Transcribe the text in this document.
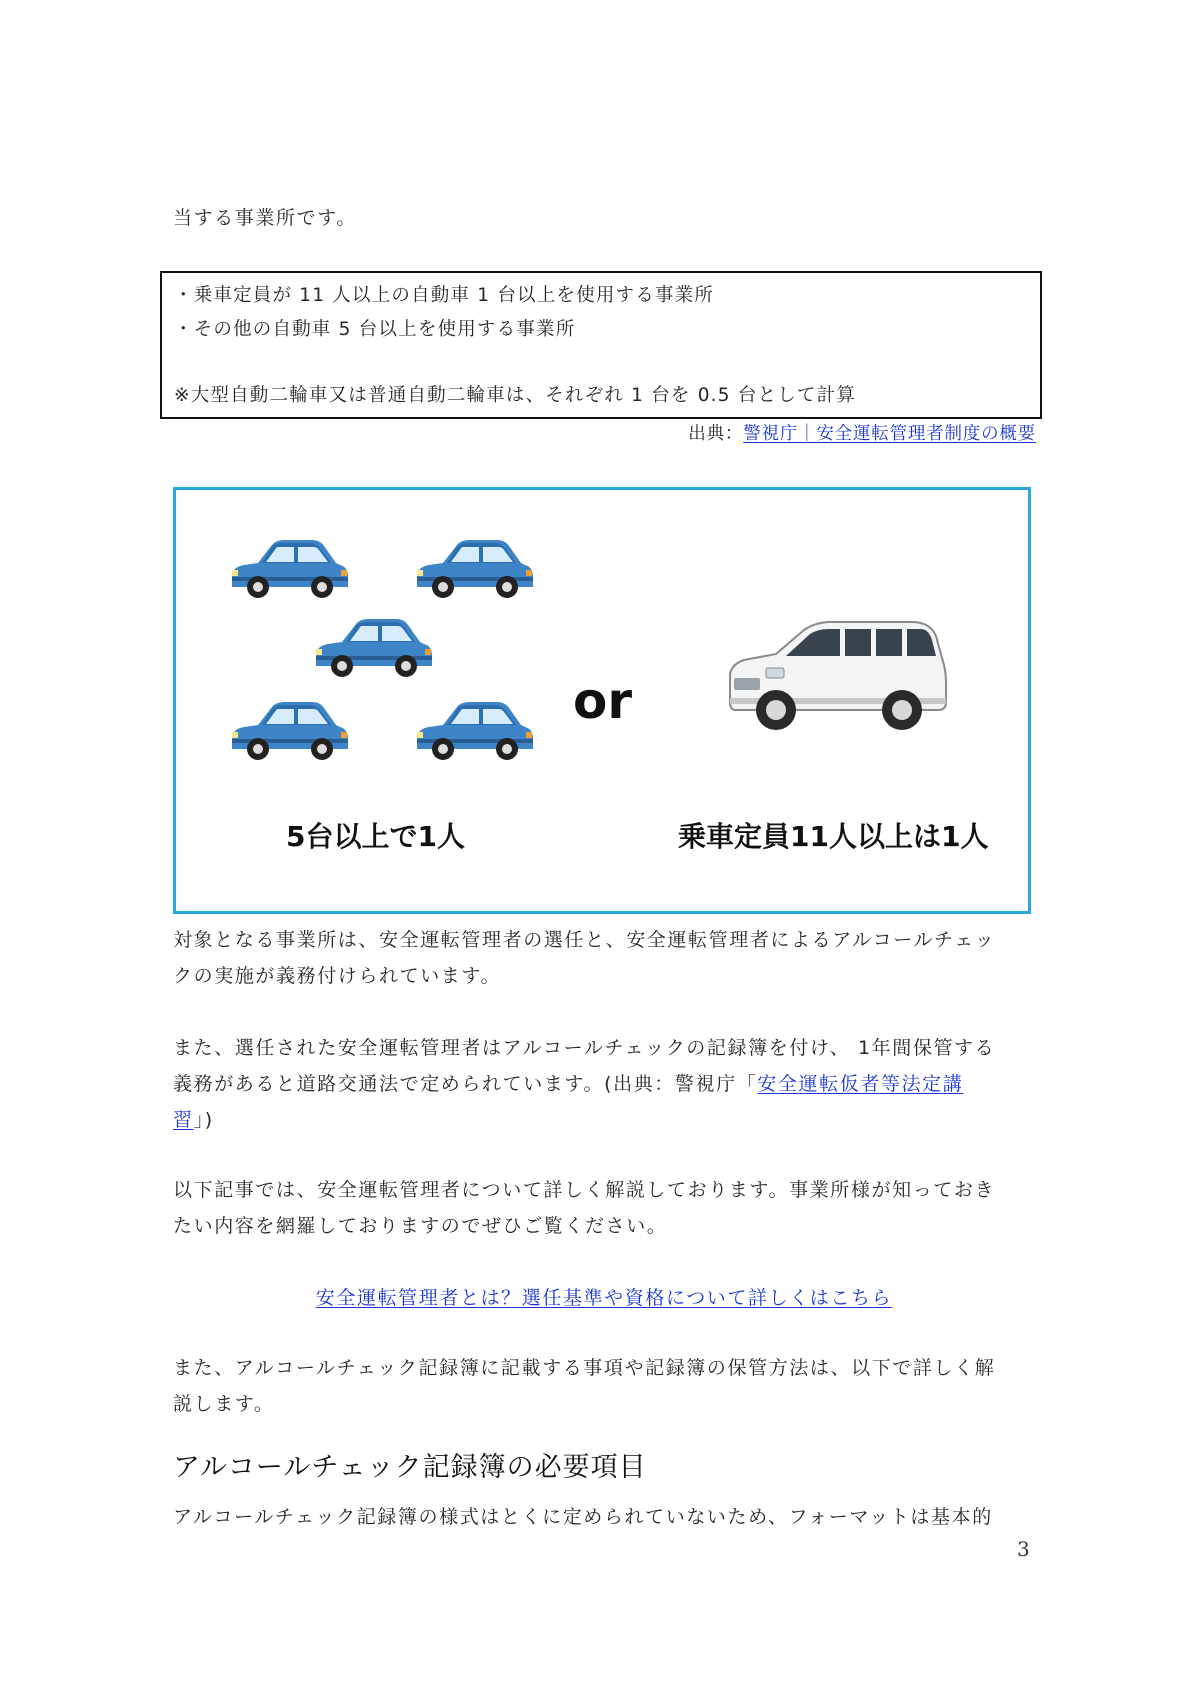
当する事業所です。
・乗車定員が 11 人以上の自動車 1 台以上を使用する事業所
・その他の自動車 5 台以上を使用する事業所
※大型自動二輪車又は普通自動二輪車は、それぞれ 1 台を 0.5 台として計算
出典：警視庁｜安全運転管理者制度の概要
or
5台以上で1人	乗車定員11人以上は1人
対象となる事業所は、安全運転管理者の選任と、安全運転管理者によるアルコールチェッ
クの実施が義務付けられています。
また、選任された安全運転管理者はアルコールチェックの記録簿を付け、 1年間保管する
義務があると道路交通法で定められています。(出典：警視庁「安全運転仮者等法定講
習」)
以下記事では、安全運転管理者について詳しく解説しております。事業所様が知っておき
たい内容を網羅しておりますのでぜひご覧ください。
安全運転管理者とは？選任基準や資格について詳しくはこちら
また、アルコールチェック記録簿に記載する事項や記録簿の保管方法は、以下で詳しく解
説します。
アルコールチェック記録簿の必要項目
アルコールチェック記録簿の様式はとくに定められていないため、フォーマットは基本的
3
